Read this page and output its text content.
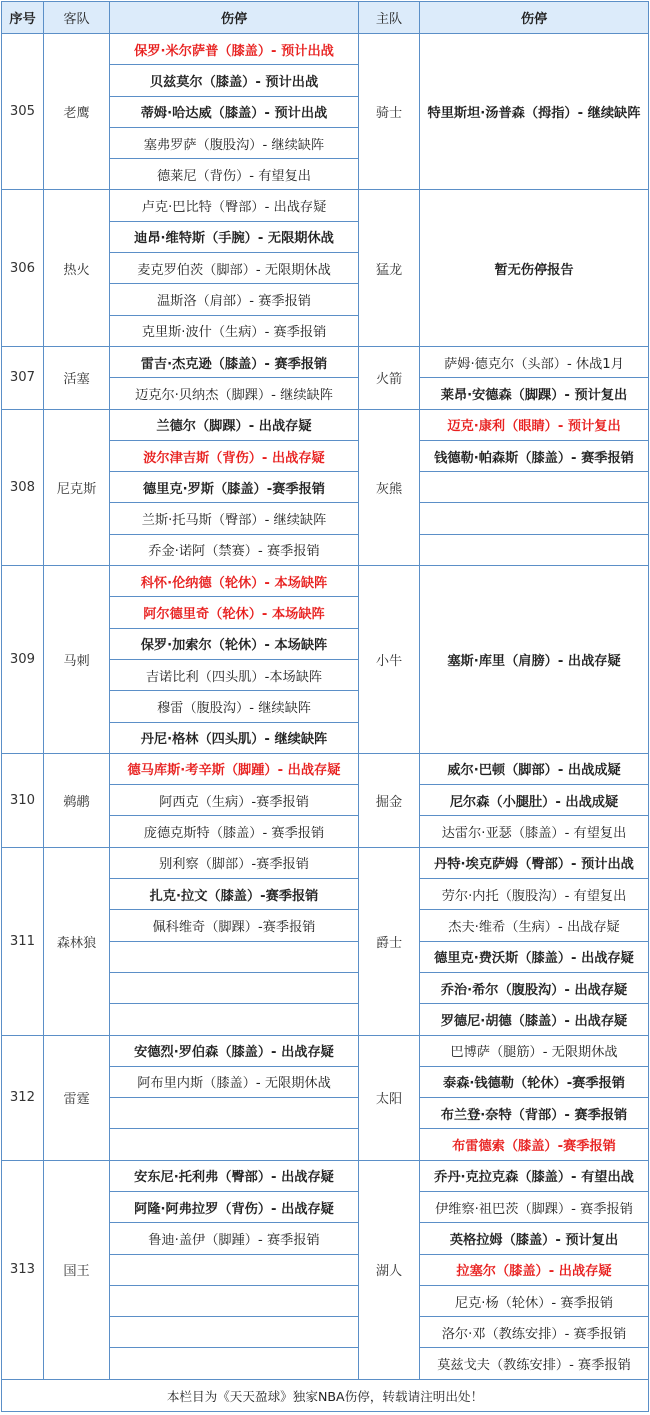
序号	客队	伤停	主队	伤停
305	老鹰	保罗·米尔萨普（膝盖）- 预计出战	骑士	特里斯坦·汤普森（拇指）- 继续缺阵
		贝兹莫尔（膝盖）- 预计出战		
		蒂姆·哈达威（膝盖）- 预计出战		
		塞弗罗萨（腹股沟）- 继续缺阵		
		德莱尼（背伤）- 有望复出		
306	热火	卢克·巴比特（臀部）- 出战存疑	猛龙	暂无伤停报告
		迪昂·维特斯（手腕）- 无限期休战		
		麦克罗伯茨（脚部）- 无限期休战		
		温斯洛（肩部）- 赛季报销		
		克里斯·波什（生病）- 赛季报销		
307	活塞	雷吉·杰克逊（膝盖）- 赛季报销	火箭	萨姆·德克尔（头部）- 休战1月
		迈克尔·贝纳杰（脚踝）- 继续缺阵		莱昂·安德森（脚踝）- 预计复出
308	尼克斯	兰德尔（脚踝）- 出战存疑	灰熊	迈克·康利（眼睛）- 预计复出
		波尔津吉斯（背伤）- 出战存疑		钱德勒·帕森斯（膝盖）- 赛季报销
		德里克·罗斯（膝盖）-赛季报销		
		兰斯·托马斯（臀部）- 继续缺阵		
		乔金·诺阿（禁赛）- 赛季报销		
309	马刺	科怀·伦纳德（轮休）- 本场缺阵	小牛	塞斯·库里（肩膀）- 出战存疑
		阿尔德里奇（轮休）- 本场缺阵		
		保罗·加索尔（轮休）- 本场缺阵		
		吉诺比利（四头肌）-本场缺阵		
		穆雷（腹股沟）- 继续缺阵		
		丹尼·格林（四头肌）- 继续缺阵		
310	鹈鹕	德马库斯·考辛斯（脚踵）- 出战存疑	掘金	威尔·巴顿（脚部）- 出战成疑
		阿西克（生病）-赛季报销		尼尔森（小腿肚）- 出战成疑
		庞德克斯特（膝盖）- 赛季报销		达雷尔·亚瑟（膝盖）- 有望复出
311	森林狼	别利察（脚部）-赛季报销	爵士	丹特·埃克萨姆（臀部）- 预计出战
		扎克·拉文（膝盖）-赛季报销		劳尔·内托（腹股沟）- 有望复出
		佩科维奇（脚踝）-赛季报销		杰夫·维希（生病）- 出战存疑
				德里克·费沃斯（膝盖）- 出战存疑
				乔治·希尔（腹股沟）- 出战存疑
				罗德尼·胡德（膝盖）- 出战存疑
312	雷霆	安德烈·罗伯森（膝盖）- 出战存疑	太阳	巴博萨（腿筋）- 无限期休战
		阿布里内斯（膝盖）- 无限期休战		泰森·钱德勒（轮休）-赛季报销
				布兰登·奈特（背部）- 赛季报销
				布雷德索（膝盖）-赛季报销
313	国王	安东尼·托利弗（臀部）- 出战存疑	湖人	乔丹·克拉克森（膝盖）- 有望出战
		阿隆·阿弗拉罗（背伤）- 出战存疑		伊维察·祖巴茨（脚踝）- 赛季报销
		鲁迪·盖伊（脚踵）- 赛季报销		英格拉姆（膝盖）- 预计复出
				拉塞尔（膝盖）- 出战存疑
				尼克·杨（轮休）- 赛季报销
				洛尔·邓（教练安排）- 赛季报销
				莫兹戈夫（教练安排）- 赛季报销
本栏目为《天天盈球》独家NBA伤停，转载请注明出处！				
